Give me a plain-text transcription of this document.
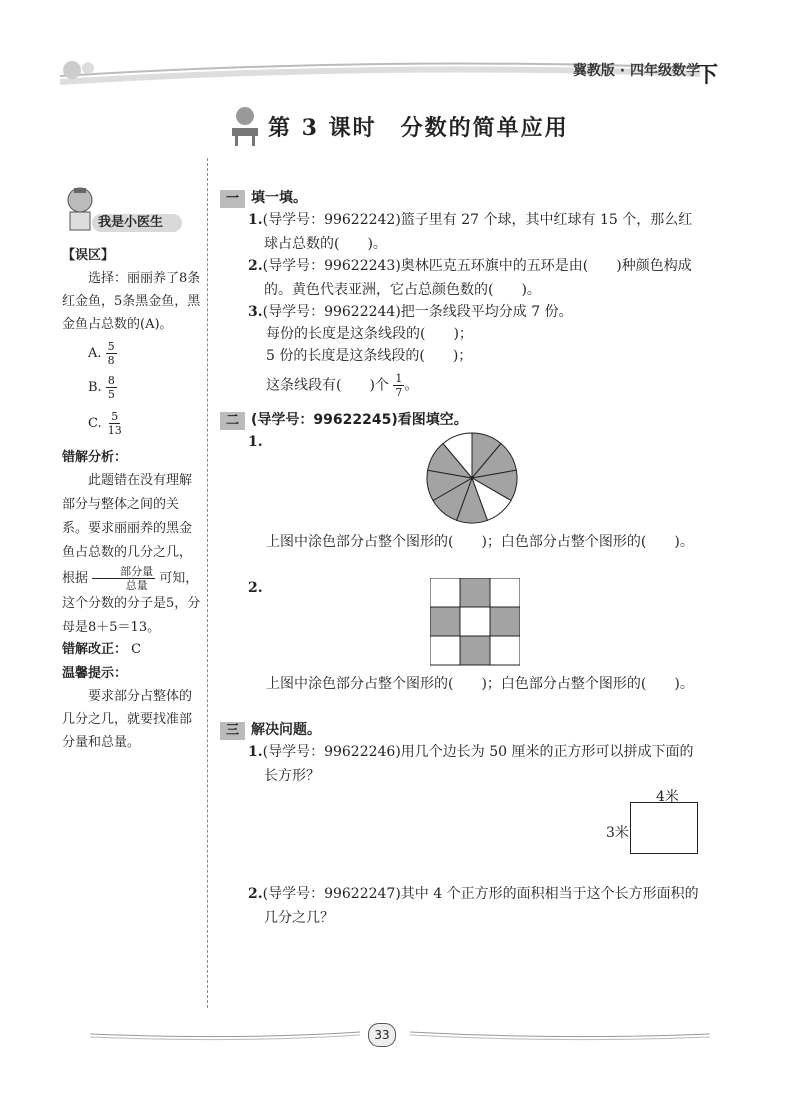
冀教版 · 四年级数学
下
第 3 课时　分数的简单应用
我是小医生
【误区】
选择：丽丽养了8条红金鱼，5条黑金鱼，黑金鱼占总数的(A)。
A. $\frac{5}{8}$
B. $\frac{8}{5}$
C. $\frac{5}{13}$
错解分析：
此题错在没有理解部分与整体之间的关系。要求丽丽养的黑金鱼占总数的几分之几，根据 $\frac{\text{部分量}}{\text{总量}}$ 可知，这个分数的分子是5，分母是8＋5＝13。
错解改正： C
温馨提示：
要求部分占整体的几分之几，就要找准部分量和总量。
一 填一填。
1.(导学号：99622242)篮子里有 27 个球，其中红球有 15 个，那么红球占总数的(　　)。
2.(导学号：99622243)奥林匹克五环旗中的五环是由(　　)种颜色构成的。黄色代表亚洲，它占总颜色数的(　　)。
3.(导学号：99622244)把一条线段平均分成 7 份。
每份的长度是这条线段的(　　)；
5 份的长度是这条线段的(　　)；
这条线段有(　　)个 $\frac{1}{7}$ 。
二 (导学号：99622245)看图填空。
1.
上图中涂色部分占整个图形的(　　)；白色部分占整个图形的(　　)。
2.
上图中涂色部分占整个图形的(　　)；白色部分占整个图形的(　　)。
三 解决问题。
1.(导学号：99622246)用几个边长为 50 厘米的正方形可以拼成下面的长方形？
4米
3米
2.(导学号：99622247)其中 4 个正方形的面积相当于这个长方形面积的几分之几？
33
